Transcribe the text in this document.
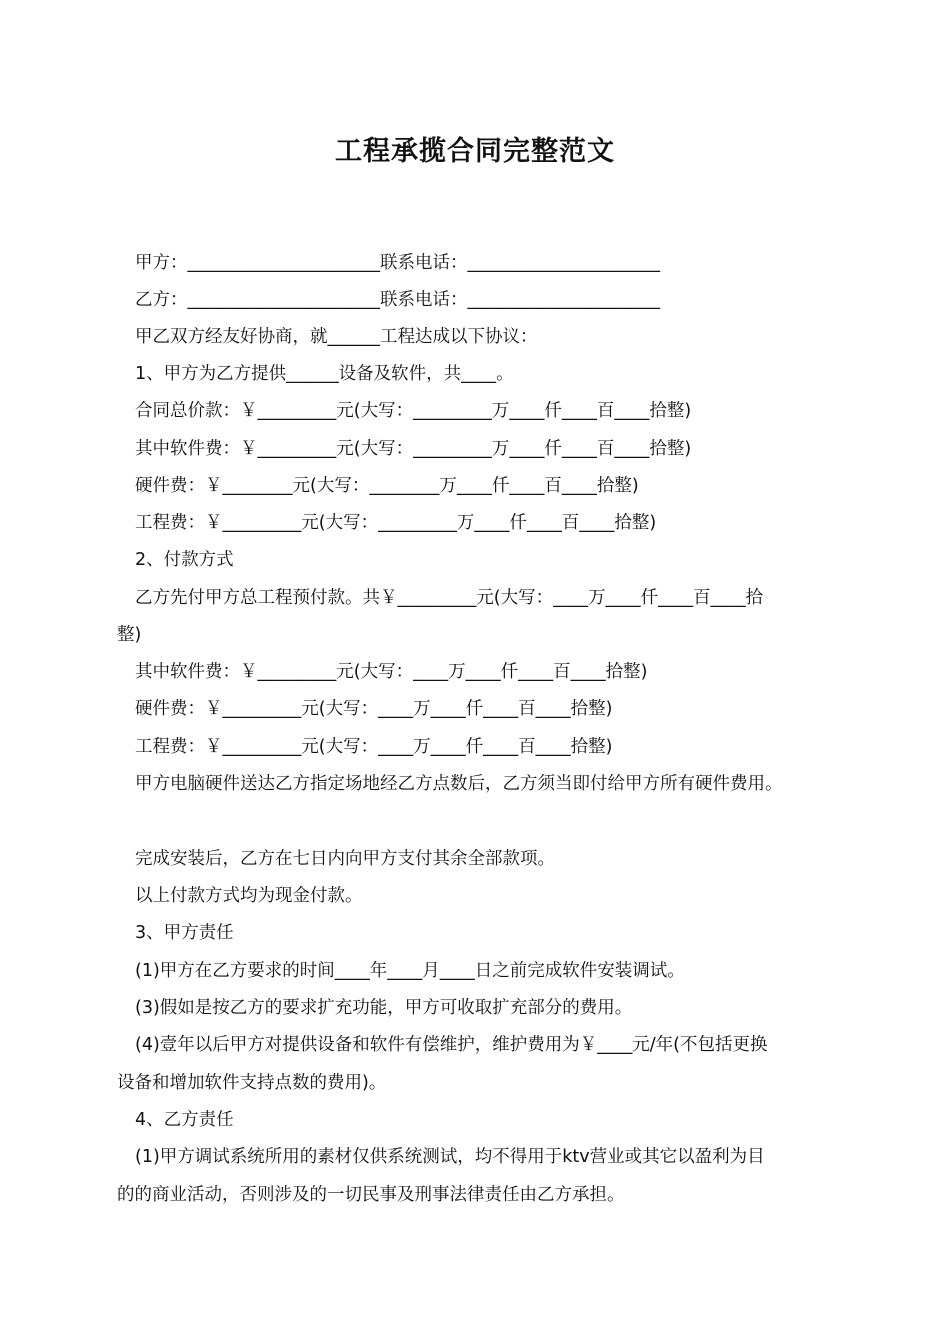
工程承揽合同完整范文
甲方：______________________联系电话：______________________
乙方：______________________联系电话：______________________
甲乙双方经友好协商，就______工程达成以下协议：
1、甲方为乙方提供______设备及软件，共____。
合同总价款：￥_________元(大写：_________万____仟____百____拾整)
其中软件费：￥_________元(大写：_________万____仟____百____拾整)
硬件费：￥________元(大写：________万____仟____百____拾整)
工程费：￥_________元(大写：_________万____仟____百____拾整)
2、付款方式
乙方先付甲方总工程预付款。共￥_________元(大写：____万____仟____百____拾
整)
其中软件费：￥_________元(大写：____万____仟____百____拾整)
硬件费：￥_________元(大写：____万____仟____百____拾整)
工程费：￥_________元(大写：____万____仟____百____拾整)
甲方电脑硬件送达乙方指定场地经乙方点数后，乙方须当即付给甲方所有硬件费用。
完成安装后，乙方在七日内向甲方支付其余全部款项。
以上付款方式均为现金付款。
3、甲方责任
(1)甲方在乙方要求的时间____年____月____日之前完成软件安装调试。
(3)假如是按乙方的要求扩充功能，甲方可收取扩充部分的费用。
(4)壹年以后甲方对提供设备和软件有偿维护，维护费用为￥____元/年(不包括更换
设备和增加软件支持点数的费用)。
4、乙方责任
(1)甲方调试系统所用的素材仅供系统测试，均不得用于ktv营业或其它以盈利为目
的的商业活动，否则涉及的一切民事及刑事法律责任由乙方承担。
